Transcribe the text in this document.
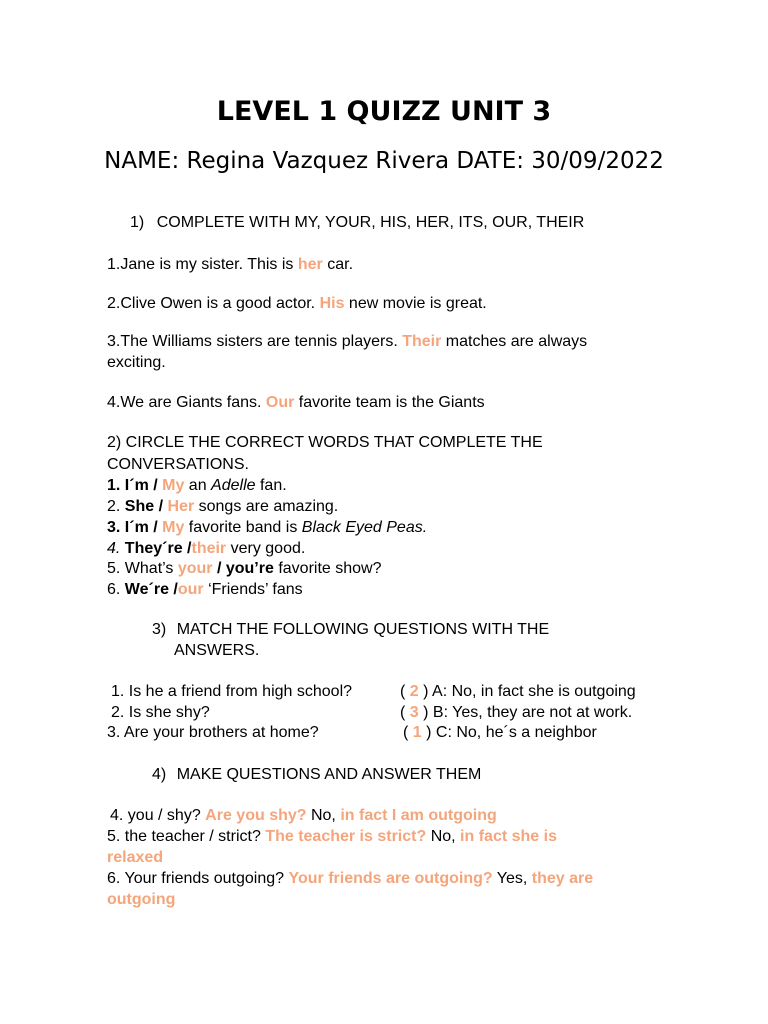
LEVEL 1 QUIZZ UNIT 3
NAME: Regina Vazquez Rivera DATE: 30/09/2022
1) COMPLETE WITH MY, YOUR, HIS, HER, ITS, OUR, THEIR
1.Jane is my sister. This is her car.
2.Clive Owen is a good actor. His new movie is great.
3.The Williams sisters are tennis players. Their matches are always
exciting.
4.We are Giants fans. Our favorite team is the Giants
2) CIRCLE THE CORRECT WORDS THAT COMPLETE THE
CONVERSATIONS.
1. I´m / My an Adelle fan.
2. She / Her songs are amazing.
3. I´m / My favorite band is Black Eyed Peas.
4. They´re /their very good.
5. What’s your / you’re favorite show?
6. We´re /our ‘Friends’ fans
3) MATCH THE FOLLOWING QUESTIONS WITH THE
ANSWERS.
1. Is he a friend from high school?	( 2 ) A: No, in fact she is outgoing
2. Is she shy?	( 3 ) B: Yes, they are not at work.
3. Are your brothers at home?	( 1 ) C: No, he´s a neighbor
4) MAKE QUESTIONS AND ANSWER THEM
4. you / shy? Are you shy? No, in fact I am outgoing
5. the teacher / strict? The teacher is strict? No, in fact she is
relaxed
6. Your friends outgoing? Your friends are outgoing? Yes, they are
outgoing
